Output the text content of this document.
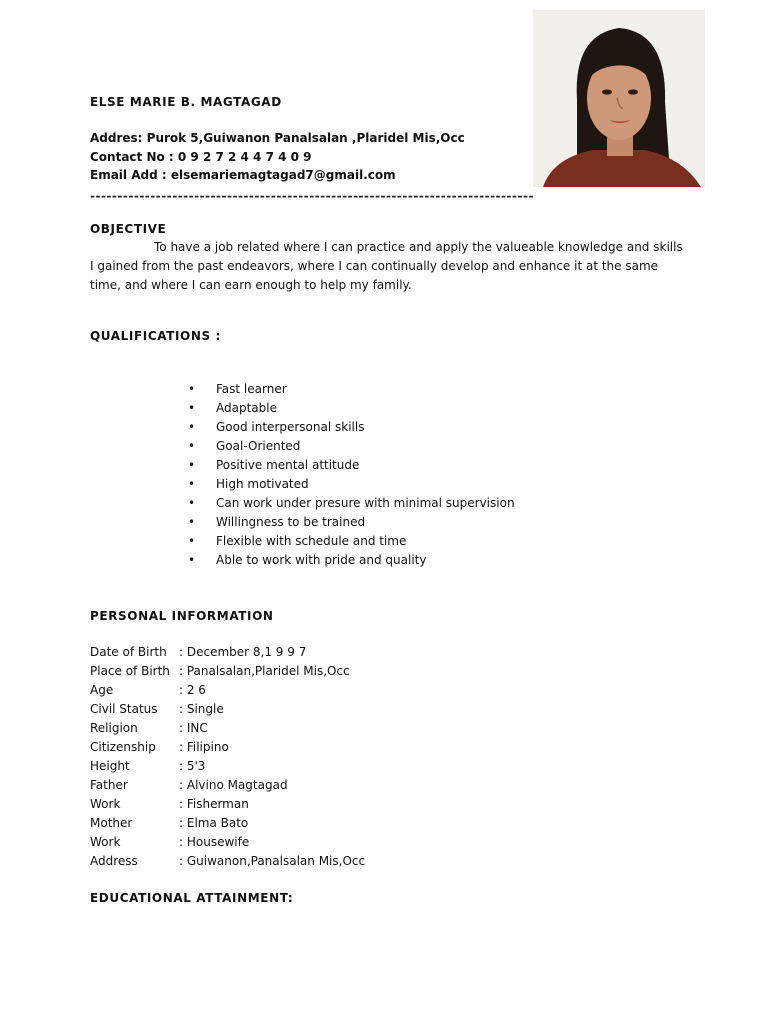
ELSE MARIE B. MAGTAGAD
Addres: Purok 5,Guiwanon Panalsalan ,Plaridel Mis,Occ
Contact No : 0 9 2 7 2 4 4 7 4 0 9
Email Add : elsemariemagtagad7@gmail.com
---------------------------------------------------------------------------------
OBJECTIVE
To have a job related where I can practice and apply the valueable knowledge and skills I gained from the past endeavors, where I can continually develop and enhance it at the same time, and where I can earn enough to help my family.
QUALIFICATIONS :
•	Fast learner
•	Adaptable
•	Good interpersonal skills
•	Goal-Oriented
•	Positive mental attitude
•	High motivated
•	Can work under presure with minimal supervision
•	Willingness to be trained
•	Flexible with schedule and time
•	Able to work with pride and quality
PERSONAL INFORMATION
Date of Birth	: December 8,1 9 9 7
Place of Birth : Panalsalan,Plaridel Mis,Occ
Age	: 2 6
Civil Status	: Single
Religion	: INC
Citizenship	: Filipino
Height	: 5'3
Father	: Alvino Magtagad
Work	: Fisherman
Mother	: Elma Bato
Work	: Housewife
Address	: Guiwanon,Panalsalan Mis,Occ
EDUCATIONAL ATTAINMENT:
